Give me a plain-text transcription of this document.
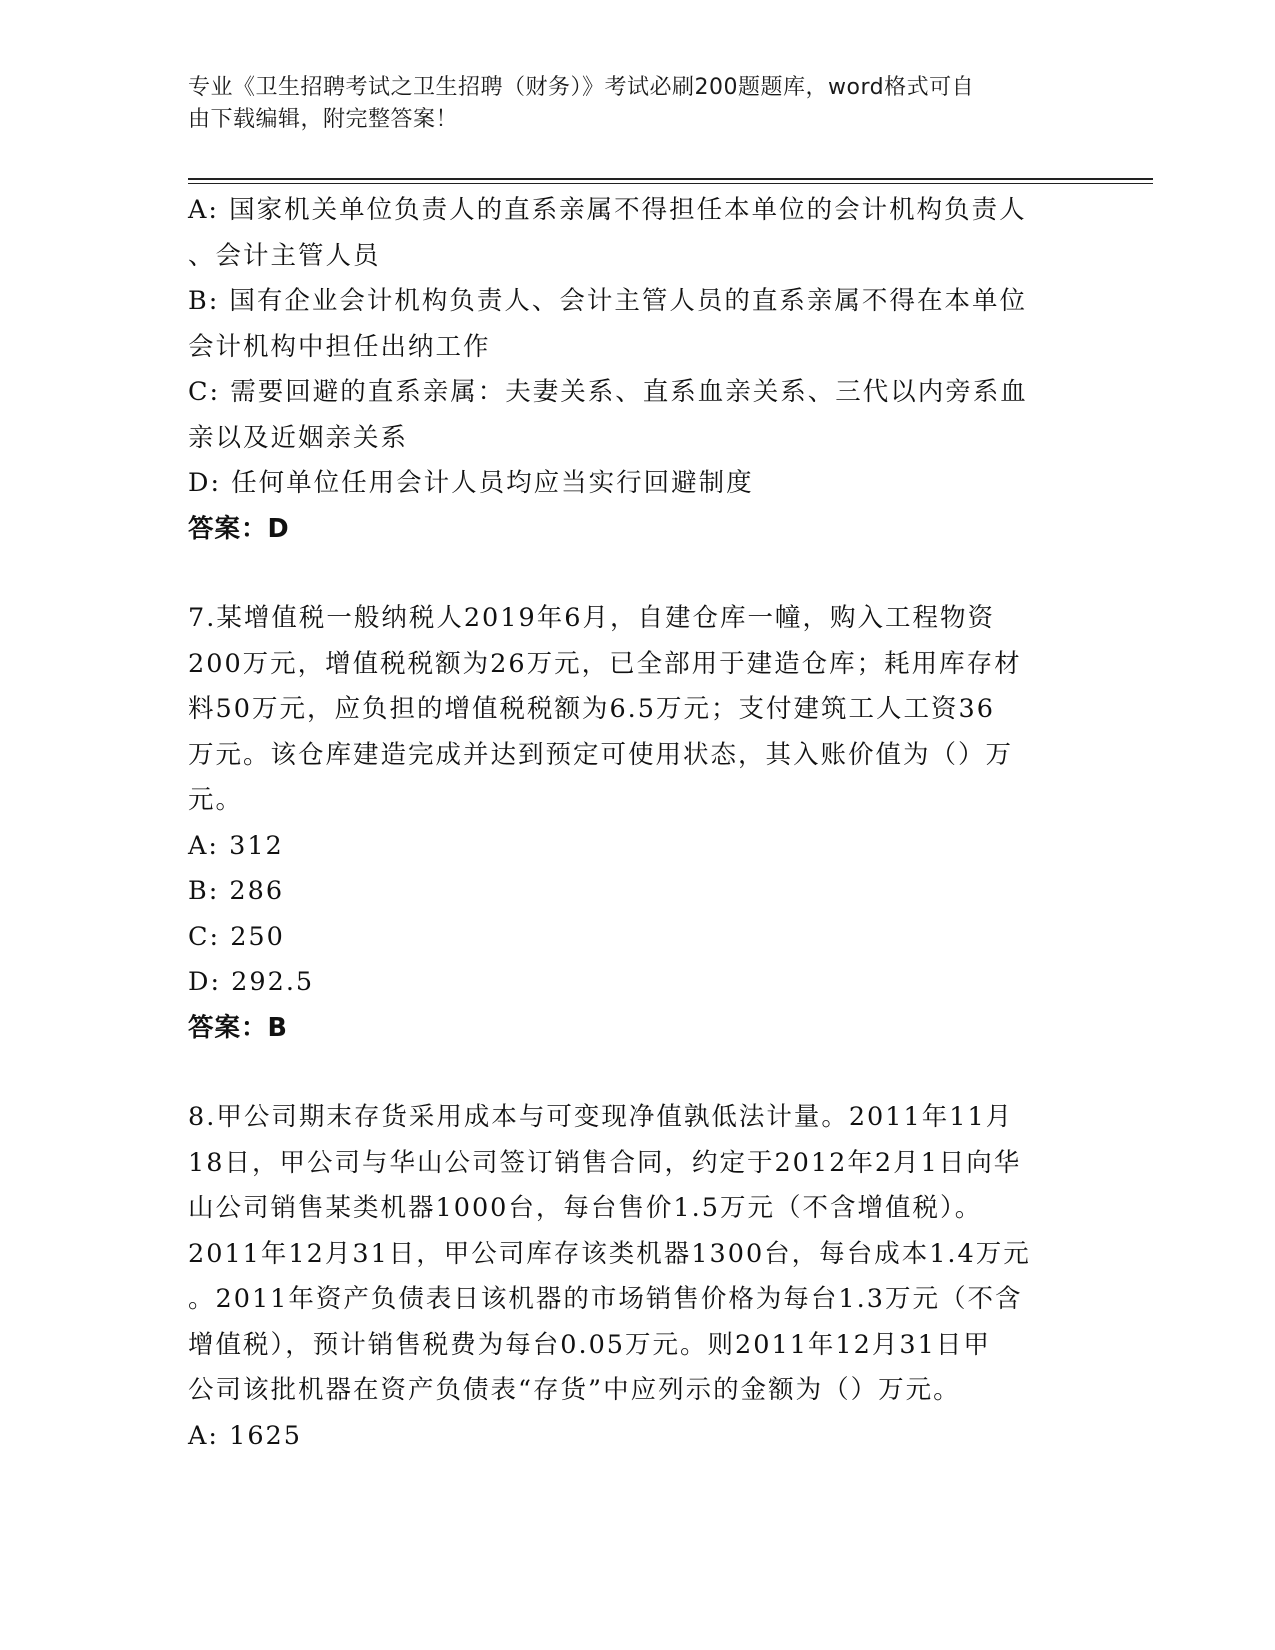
专业《卫生招聘考试之卫生招聘（财务）》考试必刷200题题库，word格式可自
由下载编辑，附完整答案！
A: 国家机关单位负责人的直系亲属不得担任本单位的会计机构负责人
、会计主管人员
B: 国有企业会计机构负责人、会计主管人员的直系亲属不得在本单位
会计机构中担任出纳工作
C: 需要回避的直系亲属：夫妻关系、直系血亲关系、三代以内旁系血
亲以及近姻亲关系
D: 任何单位任用会计人员均应当实行回避制度
答案：D
7.某增值税一般纳税人2019年6月，自建仓库一幢，购入工程物资
200万元，增值税税额为26万元，已全部用于建造仓库；耗用库存材
料50万元，应负担的增值税税额为6.5万元；支付建筑工人工资36
万元。该仓库建造完成并达到预定可使用状态，其入账价值为（）万
元。
A: 312
B: 286
C: 250
D: 292.5
答案：B
8.甲公司期末存货采用成本与可变现净值孰低法计量。2011年11月
18日，甲公司与华山公司签订销售合同，约定于2012年2月1日向华
山公司销售某类机器1000台，每台售价1.5万元（不含增值税）。
2011年12月31日，甲公司库存该类机器1300台，每台成本1.4万元
。2011年资产负债表日该机器的市场销售价格为每台1.3万元（不含
增值税），预计销售税费为每台0.05万元。则2011年12月31日甲
公司该批机器在资产负债表“存货”中应列示的金额为（）万元。
A: 1625
